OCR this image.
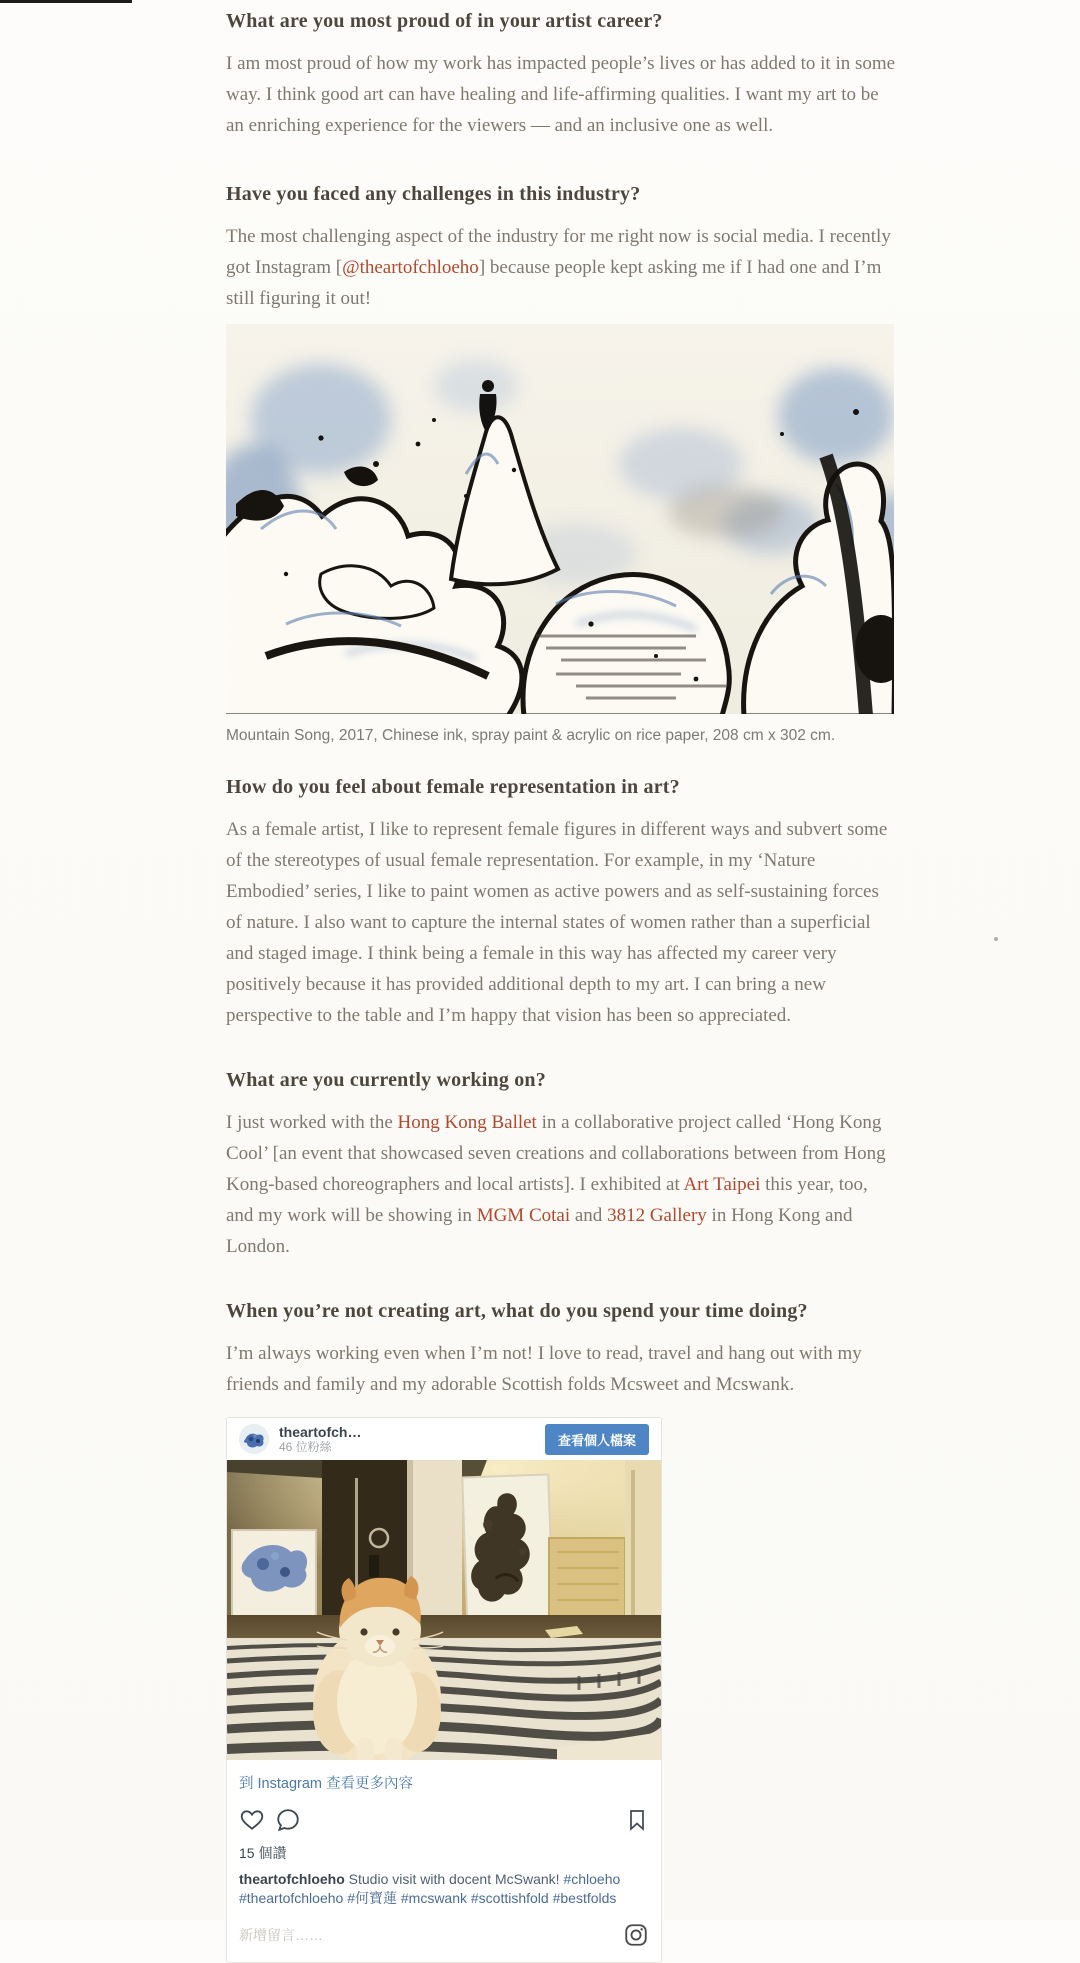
What are you most proud of in your artist career?

I am most proud of how my work has impacted people’s lives or has added to it in some way. I think good art can have healing and life-affirming qualities. I want my art to be an enriching experience for the viewers — and an inclusive one as well.

Have you faced any challenges in this industry?

The most challenging aspect of the industry for me right now is social media. I recently got Instagram [@theartofchloeho] because people kept asking me if I had one and I’m still figuring it out!

Mountain Song, 2017, Chinese ink, spray paint & acrylic on rice paper, 208 cm x 302 cm.
How do you feel about female representation in art?

As a female artist, I like to represent female figures in different ways and subvert some of the stereotypes of usual female representation. For example, in my ‘Nature Embodied’ series, I like to paint women as active powers and as self-sustaining forces of nature. I also want to capture the internal states of women rather than a superficial and staged image. I think being a female in this way has affected my career very positively because it has provided additional depth to my art. I can bring a new perspective to the table and I’m happy that vision has been so appreciated.

What are you currently working on?

I just worked with the Hong Kong Ballet in a collaborative project called ‘Hong Kong Cool’ [an event that showcased seven creations and collaborations between from Hong Kong-based choreographers and local artists]. I exhibited at Art Taipei this year, too, and my work will be showing in MGM Cotai and 3812 Gallery in Hong Kong and London.

When you’re not creating art, what do you spend your time doing?

I’m always working even when I’m not! I love to read, travel and hang out with my friends and family and my adorable Scottish folds Mcsweet and Mcswank.

theartofch…
46 位粉絲	查看個人檔案
到 Instagram 查看更多內容
15 個讚
theartofchloeho Studio visit with docent McSwank! #chloeho #theartofchloeho #何寶蓮 #mcswank #scottishfold #bestfolds
新增留言……
